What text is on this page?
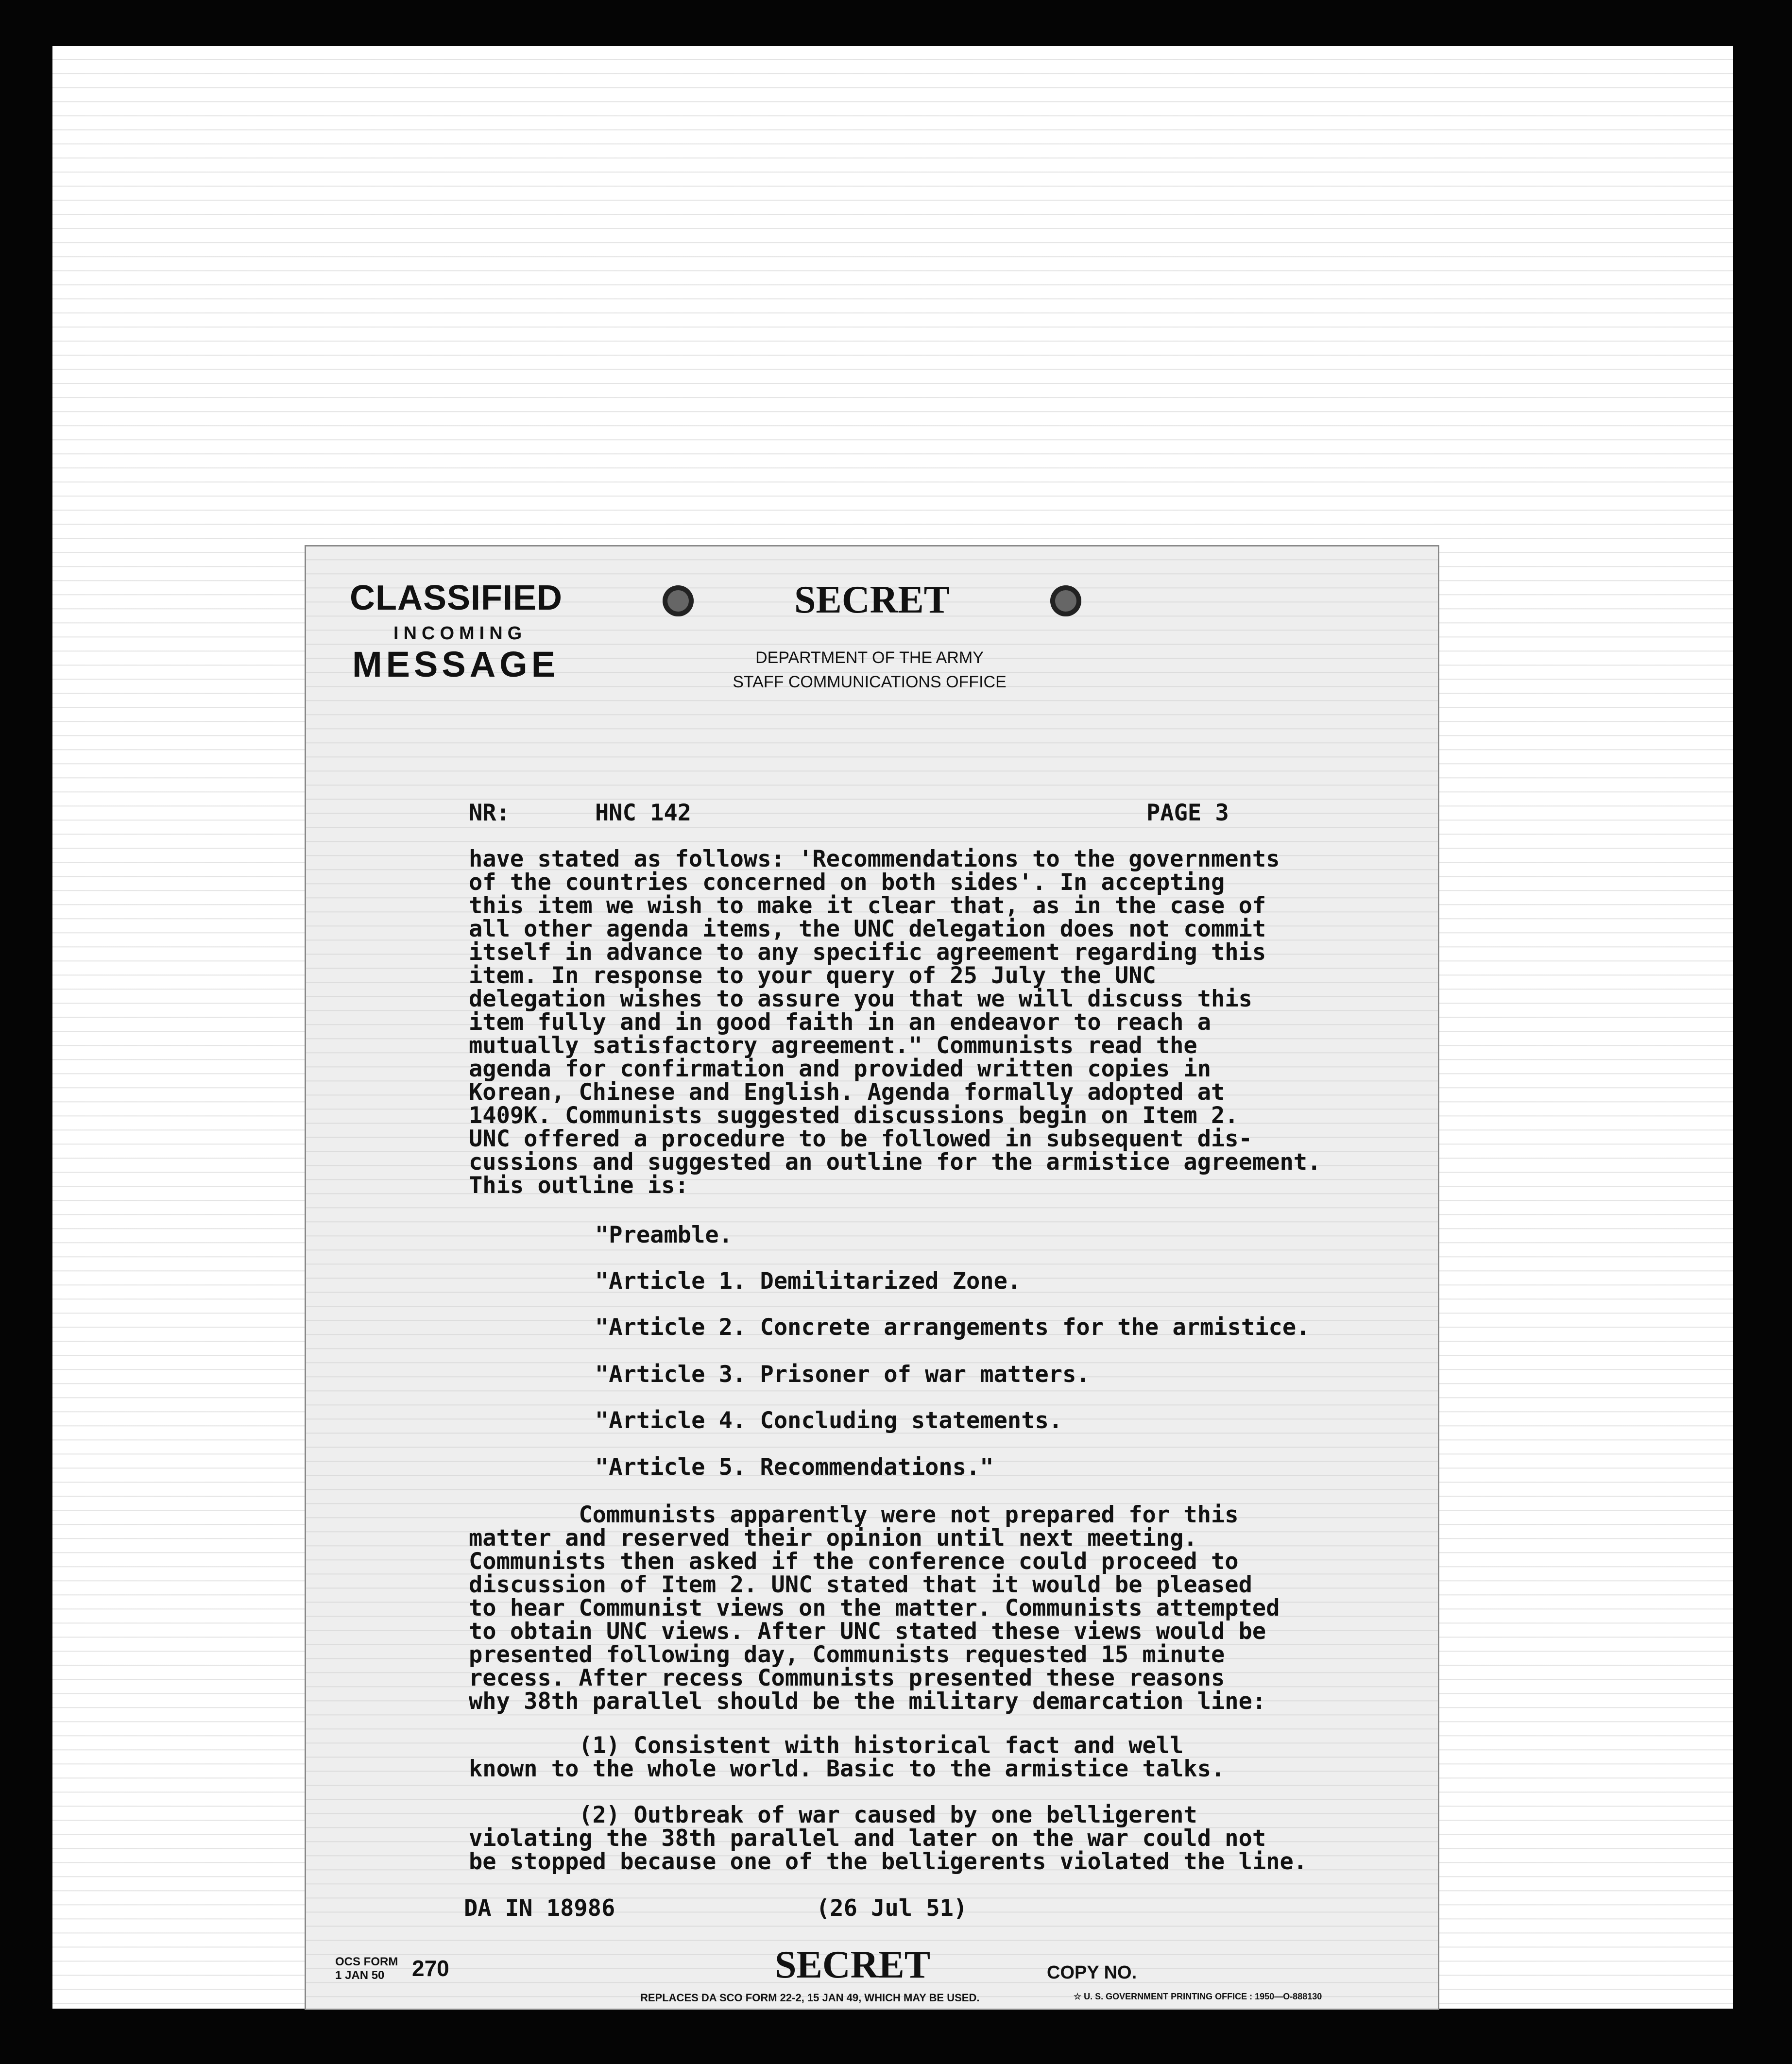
CLASSIFIED

INCOMING

MESSAGE

SECRET

DEPARTMENT OF THE ARMY
STAFF COMMUNICATIONS OFFICE

NR:	HNC 142	PAGE 3

have stated as follows: 'Recommendations to the governments
of the countries concerned on both sides'. In accepting
this item we wish to make it clear that, as in the case of
all other agenda items, the UNC delegation does not commit
itself in advance to any specific agreement regarding this
item. In response to your query of 25 July the UNC
delegation wishes to assure you that we will discuss this
item fully and in good faith in an endeavor to reach a
mutually satisfactory agreement." Communists read the
agenda for confirmation and provided written copies in
Korean, Chinese and English. Agenda formally adopted at
1409K. Communists suggested discussions begin on Item 2.
UNC offered a procedure to be followed in subsequent dis-
cussions and suggested an outline for the armistice agreement.
This outline is:

"Preamble.

"Article 1. Demilitarized Zone.

"Article 2. Concrete arrangements for the armistice.

"Article 3. Prisoner of war matters.

"Article 4. Concluding statements.

"Article 5. Recommendations."

Communists apparently were not prepared for this
matter and reserved their opinion until next meeting.
Communists then asked if the conference could proceed to
discussion of Item 2. UNC stated that it would be pleased
to hear Communist views on the matter. Communists attempted
to obtain UNC views. After UNC stated these views would be
presented following day, Communists requested 15 minute
recess. After recess Communists presented these reasons
why 38th parallel should be the military demarcation line:

(1) Consistent with historical fact and well
known to the whole world. Basic to the armistice talks.

(2) Outbreak of war caused by one belligerent
violating the 38th parallel and later on the war could not
be stopped because one of the belligerents violated the line.

DA IN 18986	(26 Jul 51)

OCS FORM

1 JAN 50 270	SECRET	COPY NO.

REPLACES DA SCO FORM 22-2, 15 JAN 49, WHICH MAY BE USED.	☆ U. S. GOVERNMENT PRINTING OFFICE : 1950—O-888130
